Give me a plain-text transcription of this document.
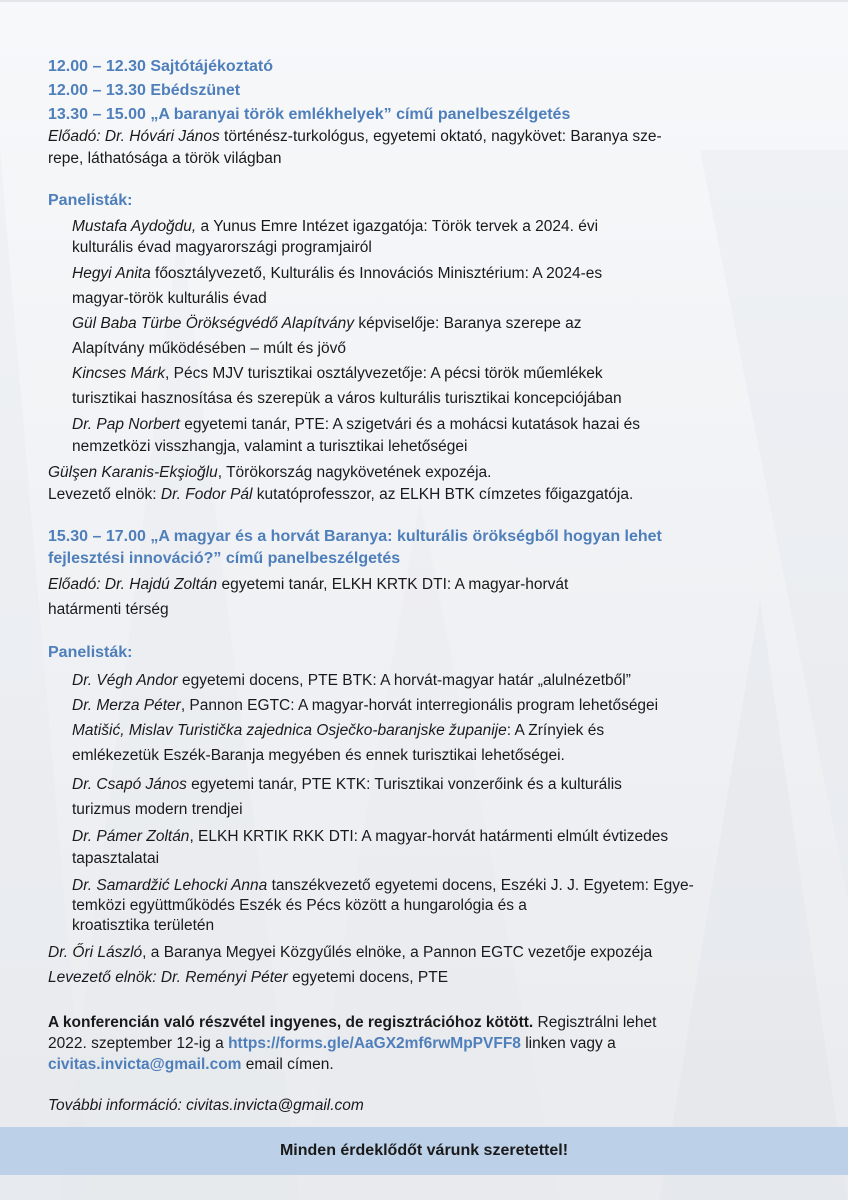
12.00 – 12.30 Sajtótájékoztató

12.00 – 13.30 Ebédszünet

13.30 – 15.00 „A baranyai török emlékhelyek” című panelbeszélgetés

Előadó: Dr. Hóvári János történész-turkológus, egyetemi oktató, nagykövet: Baranya sze-
repe, láthatósága a török világban

Panelisták:

Mustafa Aydoğdu, a Yunus Emre Intézet igazgatója: Török tervek a 2024. évi
kulturális évad magyarországi programjairól

Hegyi Anita főosztályvezető, Kulturális és Innovációs Minisztérium: A 2024-es
magyar-török kulturális évad

Gül Baba Türbe Örökségvédő Alapítvány képviselője: Baranya szerepe az
Alapítvány működésében – múlt és jövő

Kincses Márk, Pécs MJV turisztikai osztályvezetője: A pécsi török műemlékek
turisztikai hasznosítása és szerepük a város kulturális turisztikai koncepciójában

Dr. Pap Norbert egyetemi tanár, PTE: A szigetvári és a mohácsi kutatások hazai és
nemzetközi visszhangja, valamint a turisztikai lehetőségei

Gülşen Karanis-Ekşioğlu, Törökország nagykövetének expozéja.

Levezető elnök: Dr. Fodor Pál kutatóprofesszor, az ELKH BTK címzetes főigazgatója.

15.30 – 17.00 „A magyar és a horvát Baranya: kulturális örökségből hogyan lehet
fejlesztési innováció?” című panelbeszélgetés

Előadó: Dr. Hajdú Zoltán egyetemi tanár, ELKH KRTK DTI: A magyar-horvát
határmenti térség

Panelisták:

Dr. Végh Andor egyetemi docens, PTE BTK: A horvát-magyar határ „alulnézetből”

Dr. Merza Péter, Pannon EGTC: A magyar-horvát interregionális program lehetőségei

Matišić, Mislav Turistička zajednica Osječko-baranjske županije: A Zrínyiek és
emlékezetük Eszék-Baranja megyében és ennek turisztikai lehetőségei.

Dr. Csapó János egyetemi tanár, PTE KTK: Turisztikai vonzerőink és a kulturális
turizmus modern trendjei

Dr. Pámer Zoltán, ELKH KRTIK RKK DTI: A magyar-horvát határmenti elmúlt évtizedes
tapasztalatai

Dr. Samardžić Lehocki Anna tanszékvezető egyetemi docens, Eszéki J. J. Egyetem: Egye-
temközi együttműködés Eszék és Pécs között a hungarológia és a
kroatisztika területén

Dr. Őri László, a Baranya Megyei Közgyűlés elnöke, a Pannon EGTC vezetője expozéja

Levezető elnök: Dr. Reményi Péter egyetemi docens, PTE

A konferencián való részvétel ingyenes, de regisztrációhoz kötött. Regisztrálni lehet
2022. szeptember 12-ig a https://forms.gle/AaGX2mf6rwMpPVFF8 linken vagy a
civitas.invicta@gmail.com email címen.

További információ: civitas.invicta@gmail.com

Minden érdeklődőt várunk szeretettel!
